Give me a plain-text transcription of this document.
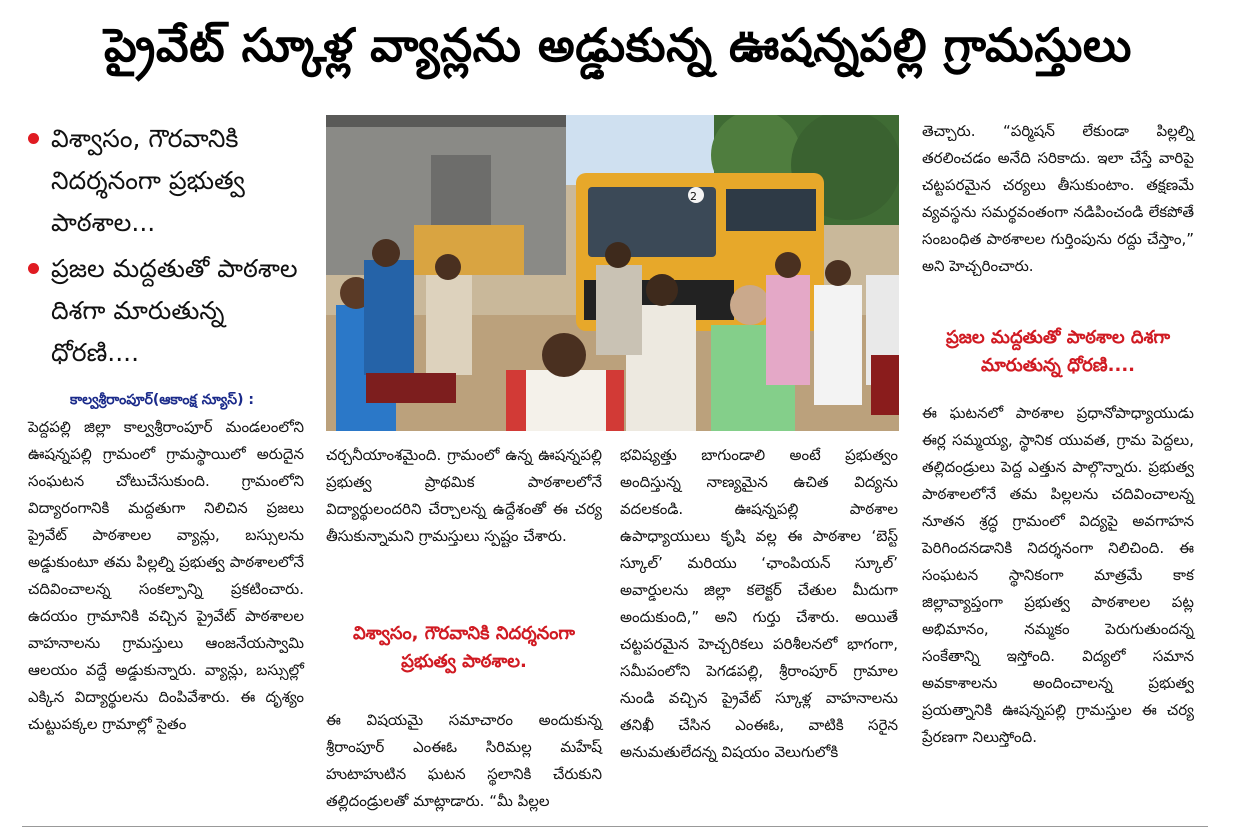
ప్రైవేట్ స్కూళ్ల వ్యాన్లను అడ్డుకున్న ఊషన్నపల్లి గ్రామస్తులు
విశ్వాసం, గౌరవానికి నిదర్శనంగా ప్రభుత్వ పాఠశాల...
ప్రజల మద్దతుతో పాఠశాల దిశగా మారుతున్న ధోరణి....
కాల్వశ్రీరాంపూర్(ఆకాంక్ష న్యూస్) :

పెద్దపల్లి జిల్లా కాల్వశ్రీరాంపూర్ మండలంలోని ఊషన్నపల్లి గ్రామంలో గ్రామస్థాయిలో అరుదైన సంఘటన చోటుచేసుకుంది. గ్రామంలోని విద్యారంగానికి మద్దతుగా నిలిచిన ప్రజలు ప్రైవేట్ పాఠశాలల వ్యాన్లు, బస్సులను అడ్డుకుంటూ తమ పిల్లల్ని ప్రభుత్వ పాఠశాలలోనే చదివించాలన్న సంకల్పాన్ని ప్రకటించారు. ఉదయం గ్రామానికి వచ్చిన ప్రైవేట్ పాఠశాలల వాహనాలను గ్రామస్తులు ఆంజనేయస్వామి ఆలయం వద్దే అడ్డుకున్నారు. వ్యాన్లు, బస్సుల్లో ఎక్కిన విద్యార్థులను దింపివేశారు. ఈ దృశ్యం చుట్టుపక్కల గ్రామాల్లో సైతం

2

చర్చనీయాంశమైంది. గ్రామంలో ఉన్న ఊషన్నపల్లి ప్రభుత్వ ప్రాథమిక పాఠశాలలోనే విద్యార్థులందరిని చేర్చాలన్న ఉద్దేశంతో ఈ చర్య తీసుకున్నామని గ్రామస్తులు స్పష్టం చేశారు.

విశ్వాసం, గౌరవానికి నిదర్శనంగా ప్రభుత్వ పాఠశాల.

ఈ విషయమై సమాచారం అందుకున్న శ్రీరాంపూర్ ఎంఈఓ సిరిమల్ల మహేష్ హుటాహుటిన ఘటన స్థలానికి చేరుకుని తల్లిదండ్రులతో మాట్లాడారు. “మీ పిల్లల

భవిష్యత్తు బాగుండాలి అంటే ప్రభుత్వం అందిస్తున్న నాణ్యమైన ఉచిత విద్యను వదలకండి. ఊషన్నపల్లి పాఠశాల ఉపాధ్యాయులు కృషి వల్ల ఈ పాఠశాల ‘బెస్ట్ స్కూల్’ మరియు ‘ఛాంపియన్ స్కూల్’ అవార్డులను జిల్లా కలెక్టర్ చేతుల మీదుగా అందుకుంది,” అని గుర్తు చేశారు. అయితే చట్టపరమైన హెచ్చరికలు పరిశీలనలో భాగంగా, సమీపంలోని పెగడపల్లి, శ్రీరాంపూర్ గ్రామాల నుండి వచ్చిన ప్రైవేట్ స్కూళ్ల వాహనాలను తనిఖీ చేసిన ఎంఈఓ, వాటికి సరైన అనుమతులేదన్న విషయం వెలుగులోకి

తెచ్చారు. “పర్మిషన్ లేకుండా పిల్లల్ని తరలించడం అనేది సరికాదు. ఇలా చేస్తే వారిపై చట్టపరమైన చర్యలు తీసుకుంటాం. తక్షణమే వ్యవస్థను సమర్థవంతంగా నడిపించండి లేకపోతే సంబంధిత పాఠశాలల గుర్తింపును రద్దు చేస్తాం,” అని హెచ్చరించారు.

ప్రజల మద్దతుతో పాఠశాల దిశగా మారుతున్న ధోరణి....

ఈ ఘటనలో పాఠశాల ప్రధానోపాధ్యాయుడు ఈర్ల సమ్మయ్య, స్థానిక యువత, గ్రామ పెద్దలు, తల్లిదండ్రులు పెద్ద ఎత్తున పాల్గొన్నారు. ప్రభుత్వ పాఠశాలలోనే తమ పిల్లలను చదివించాలన్న నూతన శ్రద్ధ గ్రామంలో విద్యపై అవగాహన పెరిగిందనడానికి నిదర్శనంగా నిలిచింది. ఈ సంఘటన స్థానికంగా మాత్రమే కాక జిల్లావ్యాప్తంగా ప్రభుత్వ పాఠశాలల పట్ల అభిమానం, నమ్మకం పెరుగుతుందన్న సంకేతాన్ని ఇస్తోంది. విద్యలో సమాన అవకాశాలను అందించాలన్న ప్రభుత్వ ప్రయత్నానికి ఊషన్నపల్లి గ్రామస్తుల ఈ చర్య ప్రేరణగా నిలుస్తోంది.
